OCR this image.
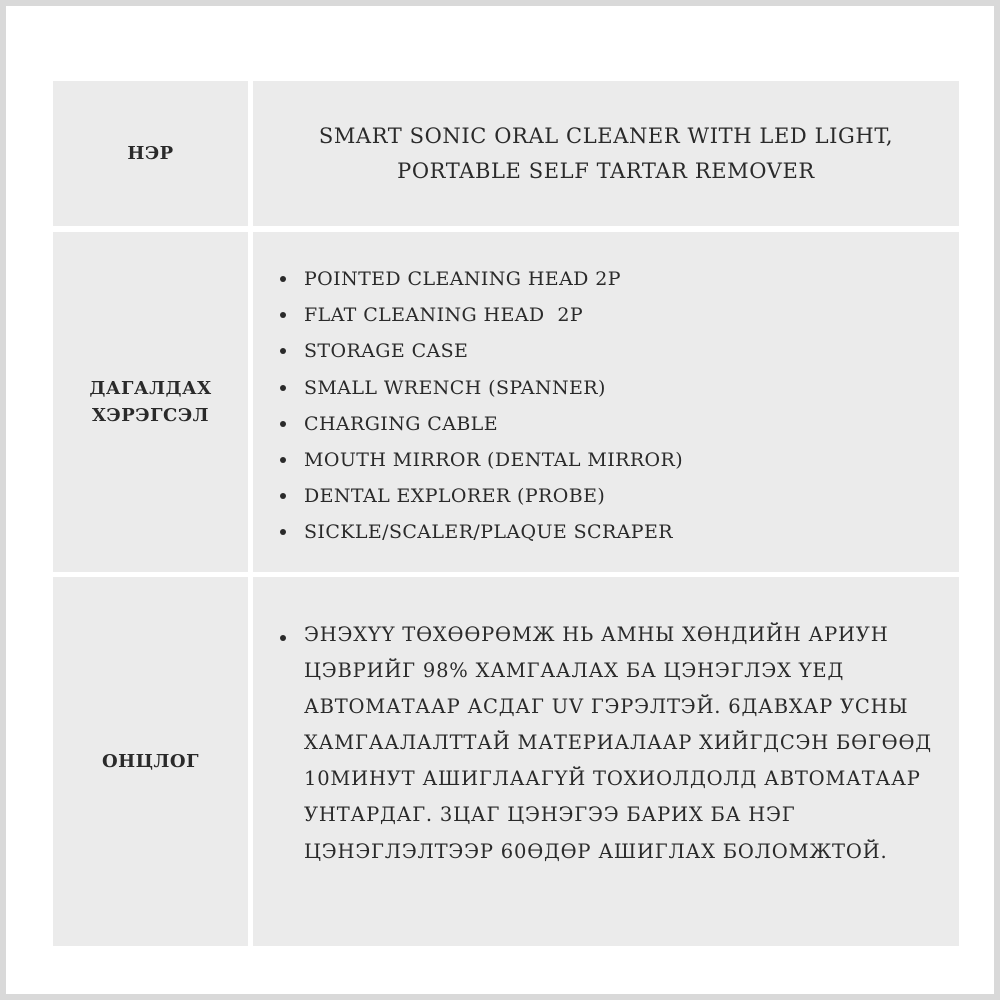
НЭР
SMART SONIC ORAL CLEANER WITH LED LIGHT,
PORTABLE SELF TARTAR REMOVER
ДАГАЛДАХ
ХЭРЭГСЭЛ
POINTED CLEANING HEAD 2P
FLAT CLEANING HEAD  2P
STORAGE CASE
SMALL WRENCH (SPANNER)
CHARGING CABLE
MOUTH MIRROR (DENTAL MIRROR)
DENTAL EXPLORER (PROBE)
SICKLE/SCALER/PLAQUE SCRAPER
ОНЦЛОГ
ЭНЭХҮҮ ТӨХӨӨРӨМЖ НЬ АМНЫ ХӨНДИЙН АРИУН ЦЭВРИЙГ 98% ХАМГААЛАХ БА ЦЭНЭГЛЭХ ҮЕД АВТОМАТААР АСДАГ UV ГЭРЭЛТЭЙ. 6ДАВХАР УСНЫ ХАМГААЛАЛТТАЙ МАТЕРИАЛААР ХИЙГДСЭН БӨГӨӨД 10МИНУТ АШИГЛААГҮЙ ТОХИОЛДОЛД АВТОМАТААР УНТАРДАГ. 3ЦАГ ЦЭНЭГЭЭ БАРИХ БА НЭГ ЦЭНЭГЛЭЛТЭЭР 60ӨДӨР АШИГЛАХ БОЛОМЖТОЙ.
